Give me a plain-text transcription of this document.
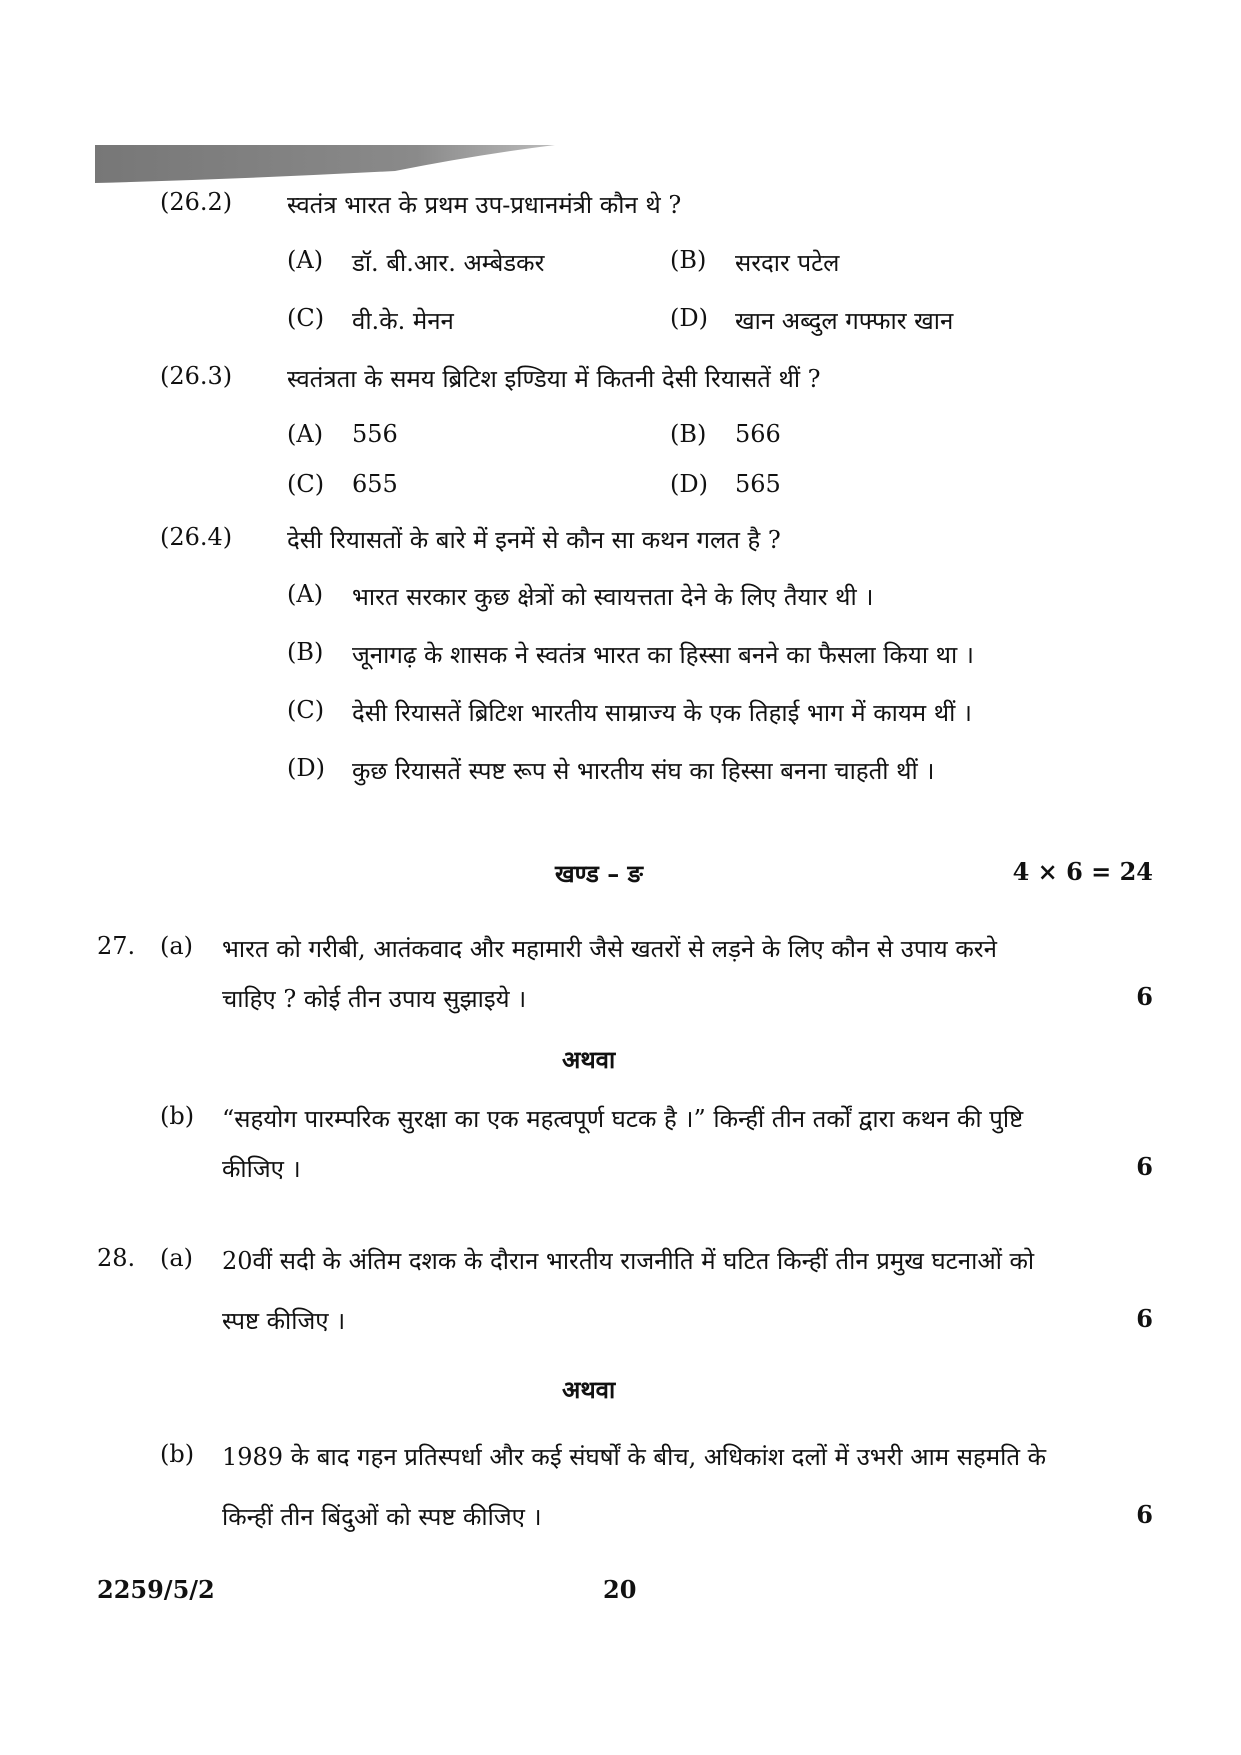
(26.2) स्वतंत्र भारत के प्रथम उप-प्रधानमंत्री कौन थे ?
(A) डॉ. बी.आर. अम्बेडकर	(B) सरदार पटेल
(C) वी.के. मेनन	(D) खान अब्दुल गफ्फार खान
(26.3) स्वतंत्रता के समय ब्रिटिश इण्डिया में कितनी देसी रियासतें थीं ?
(A) 556	(B) 566
(C) 655	(D) 565
(26.4) देसी रियासतों के बारे में इनमें से कौन सा कथन गलत है ?
(A) भारत सरकार कुछ क्षेत्रों को स्वायत्तता देने के लिए तैयार थी ।
(B) जूनागढ़ के शासक ने स्वतंत्र भारत का हिस्सा बनने का फैसला किया था ।
(C) देसी रियासतें ब्रिटिश भारतीय साम्राज्य के एक तिहाई भाग में कायम थीं ।
(D) कुछ रियासतें स्पष्ट रूप से भारतीय संघ का हिस्सा बनना चाहती थीं ।
खण्ड – ङ	4 × 6 = 24
27. (a) भारत को गरीबी, आतंकवाद और महामारी जैसे खतरों से लड़ने के लिए कौन से उपाय करने
चाहिए ? कोई तीन उपाय सुझाइये ।	6
अथवा
(b) “सहयोग पारम्परिक सुरक्षा का एक महत्वपूर्ण घटक है ।” किन्हीं तीन तर्कों द्वारा कथन की पुष्टि
कीजिए ।	6
28. (a) 20वीं सदी के अंतिम दशक के दौरान भारतीय राजनीति में घटित किन्हीं तीन प्रमुख घटनाओं को
स्पष्ट कीजिए ।	6
अथवा
(b) 1989 के बाद गहन प्रतिस्पर्धा और कई संघर्षों के बीच, अधिकांश दलों में उभरी आम सहमति के
किन्हीं तीन बिंदुओं को स्पष्ट कीजिए ।	6
2259/5/2	20
